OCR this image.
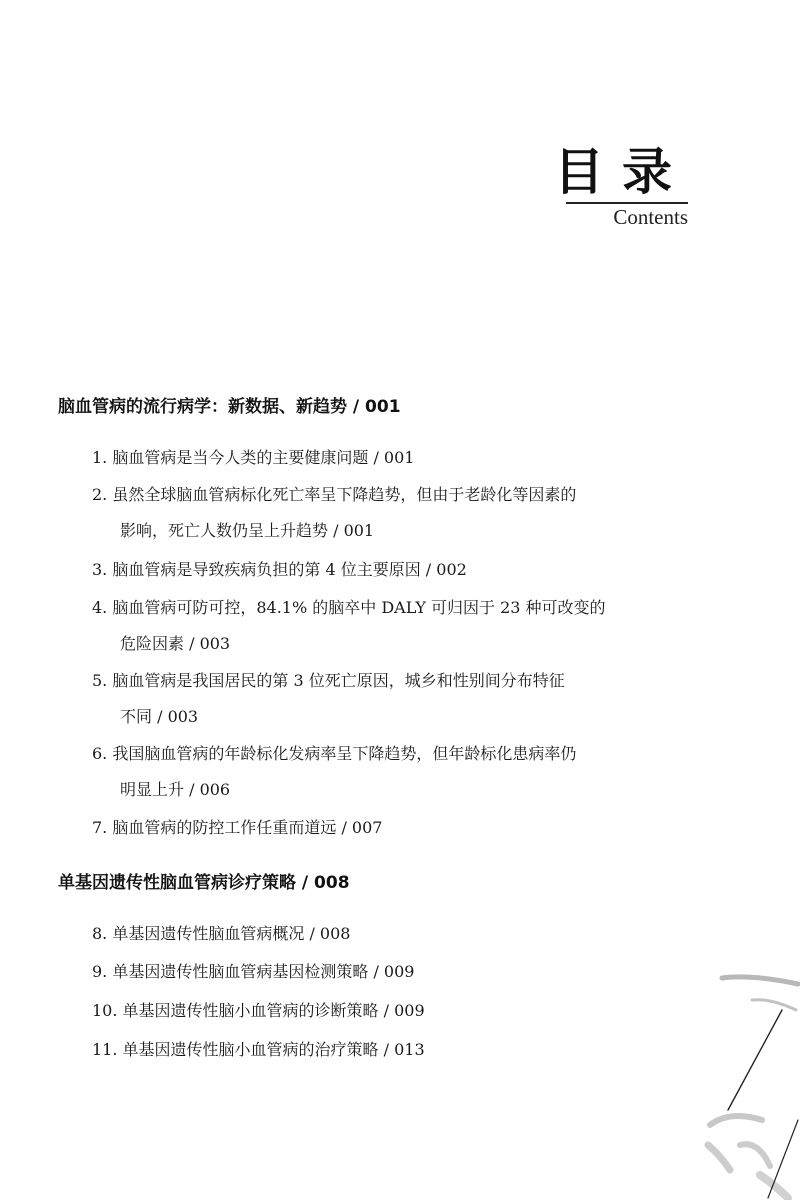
目录
Contents
脑血管病的流行病学：新数据、新趋势 / 001
1. 脑血管病是当今人类的主要健康问题 / 001
2. 虽然全球脑血管病标化死亡率呈下降趋势，但由于老龄化等因素的
影响，死亡人数仍呈上升趋势 / 001
3. 脑血管病是导致疾病负担的第 4 位主要原因 / 002
4. 脑血管病可防可控，84.1% 的脑卒中 DALY 可归因于 23 种可改变的
危险因素 / 003
5. 脑血管病是我国居民的第 3 位死亡原因，城乡和性别间分布特征
不同 / 003
6. 我国脑血管病的年龄标化发病率呈下降趋势，但年龄标化患病率仍
明显上升 / 006
7. 脑血管病的防控工作任重而道远 / 007
单基因遗传性脑血管病诊疗策略 / 008
8. 单基因遗传性脑血管病概况 / 008
9. 单基因遗传性脑血管病基因检测策略 / 009
10. 单基因遗传性脑小血管病的诊断策略 / 009
11. 单基因遗传性脑小血管病的治疗策略 / 013
